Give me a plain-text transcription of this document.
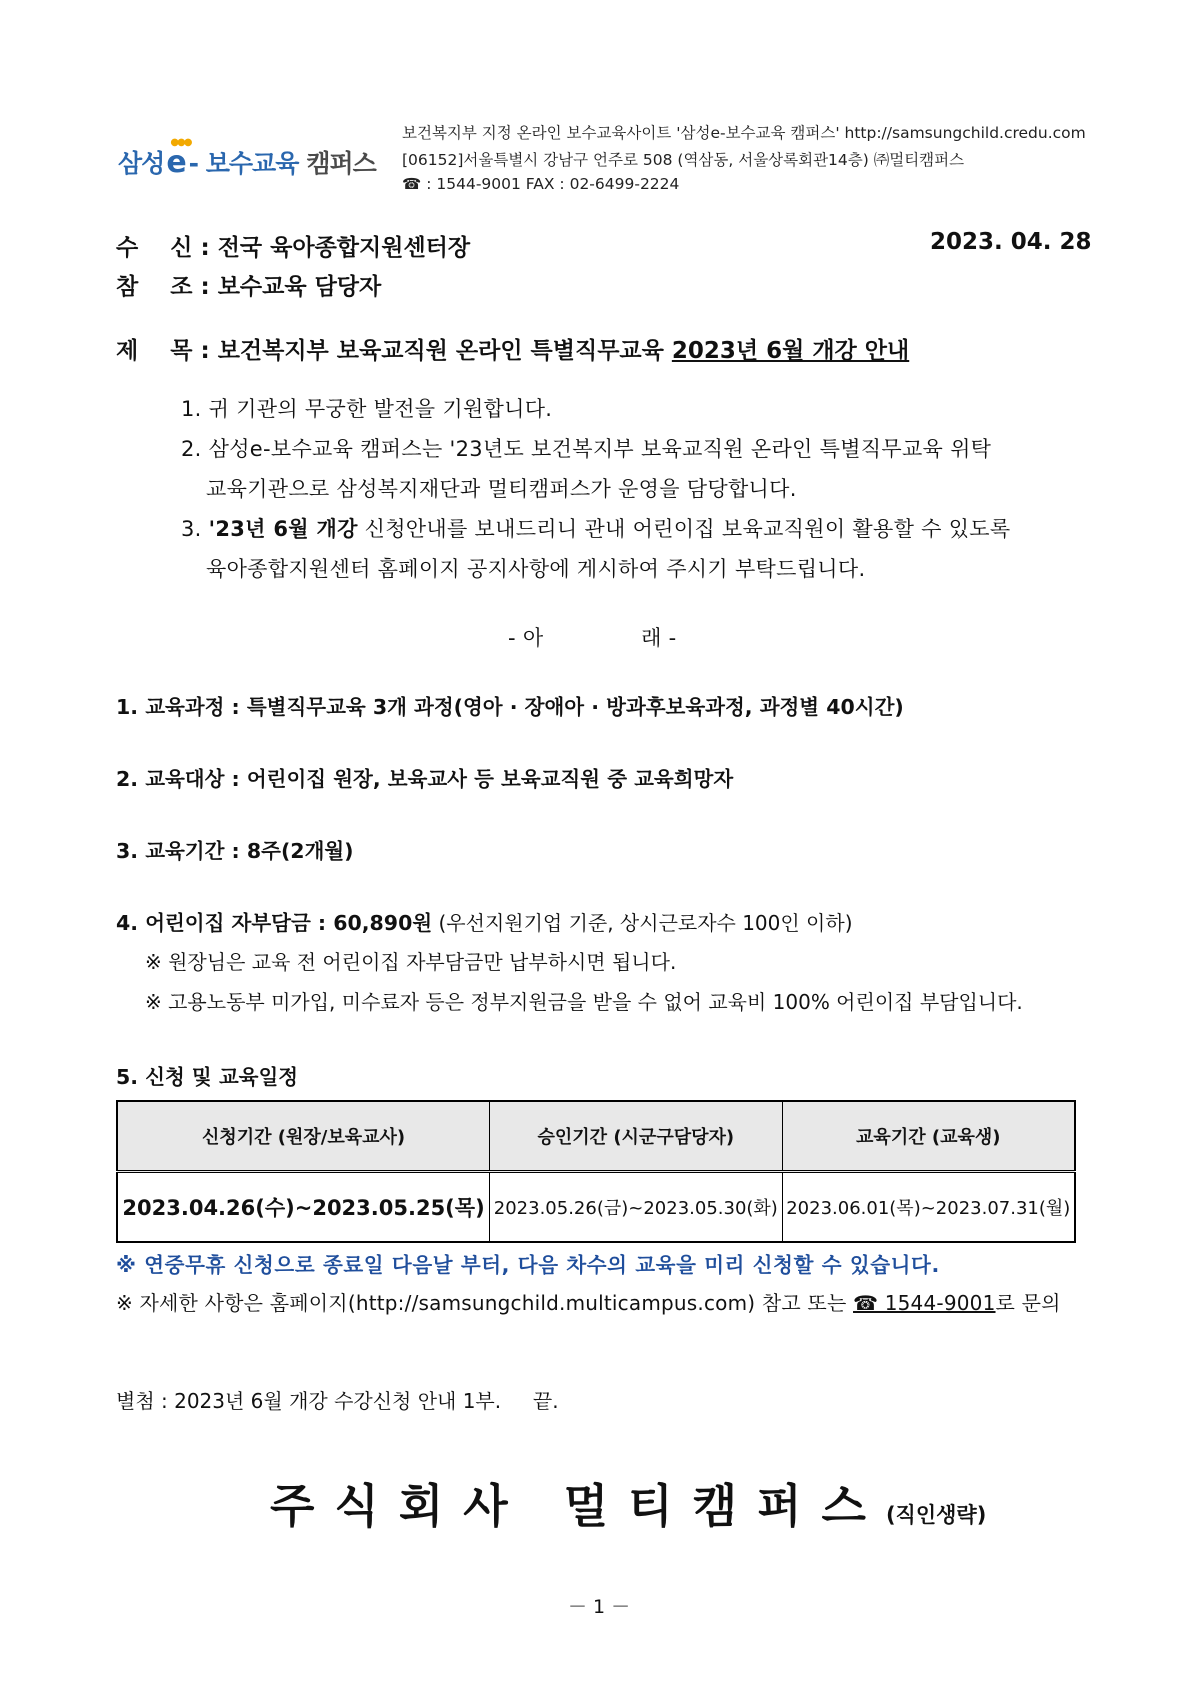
삼성
●●●
e - 보수교육 캠퍼스
보건복지부 지정 온라인 보수교육사이트 '삼성e-보수교육 캠퍼스' http://samsungchild.credu.com
[06152]서울특별시 강남구 언주로 508 (역삼동, 서울상록회관14층) ㈜멀티캠퍼스
☎ : 1544-9001 FAX : 02-6499-2224
수    신 : 전국 육아종합지원센터장	2023. 04. 28
참    조 : 보수교육 담당자
제    목 : 보건복지부 보육교직원 온라인 특별직무교육 2023년 6월 개강 안내
1. 귀 기관의 무궁한 발전을 기원합니다.
2. 삼성e-보수교육 캠퍼스는 '23년도 보건복지부 보육교직원 온라인 특별직무교육 위탁
교육기관으로 삼성복지재단과 멀티캠퍼스가 운영을 담당합니다.
3. '23년 6월 개강 신청안내를 보내드리니 관내 어린이집 보육교직원이 활용할 수 있도록
육아종합지원센터 홈페이지 공지사항에 게시하여 주시기 부탁드립니다.
- 아              래 -
1. 교육과정 : 특별직무교육 3개 과정(영아 · 장애아 · 방과후보육과정, 과정별 40시간)
2. 교육대상 : 어린이집 원장, 보육교사 등 보육교직원 중 교육희망자
3. 교육기간 : 8주(2개월)
4. 어린이집 자부담금 : 60,890원 (우선지원기업 기준, 상시근로자수 100인 이하)
※ 원장님은 교육 전 어린이집 자부담금만 납부하시면 됩니다.
※ 고용노동부 미가입, 미수료자 등은 정부지원금을 받을 수 없어 교육비 100% 어린이집 부담입니다.
5. 신청 및 교육일정
신청기간 (원장/보육교사)	승인기간 (시군구담당자)	교육기간 (교육생)
2023.04.26(수)~2023.05.25(목)	2023.05.26(금)~2023.05.30(화)	2023.06.01(목)~2023.07.31(월)
※ 연중무휴 신청으로 종료일 다음날 부터, 다음 차수의 교육을 미리 신청할 수 있습니다.
※ 자세한 사항은 홈페이지(http://samsungchild.multicampus.com) 참고 또는 ☎ 1544-9001로 문의
별첨 : 2023년 6월 개강 수강신청 안내 1부.     끝.
주식회사 멀티캠퍼스(직인생략)
－ 1 －
